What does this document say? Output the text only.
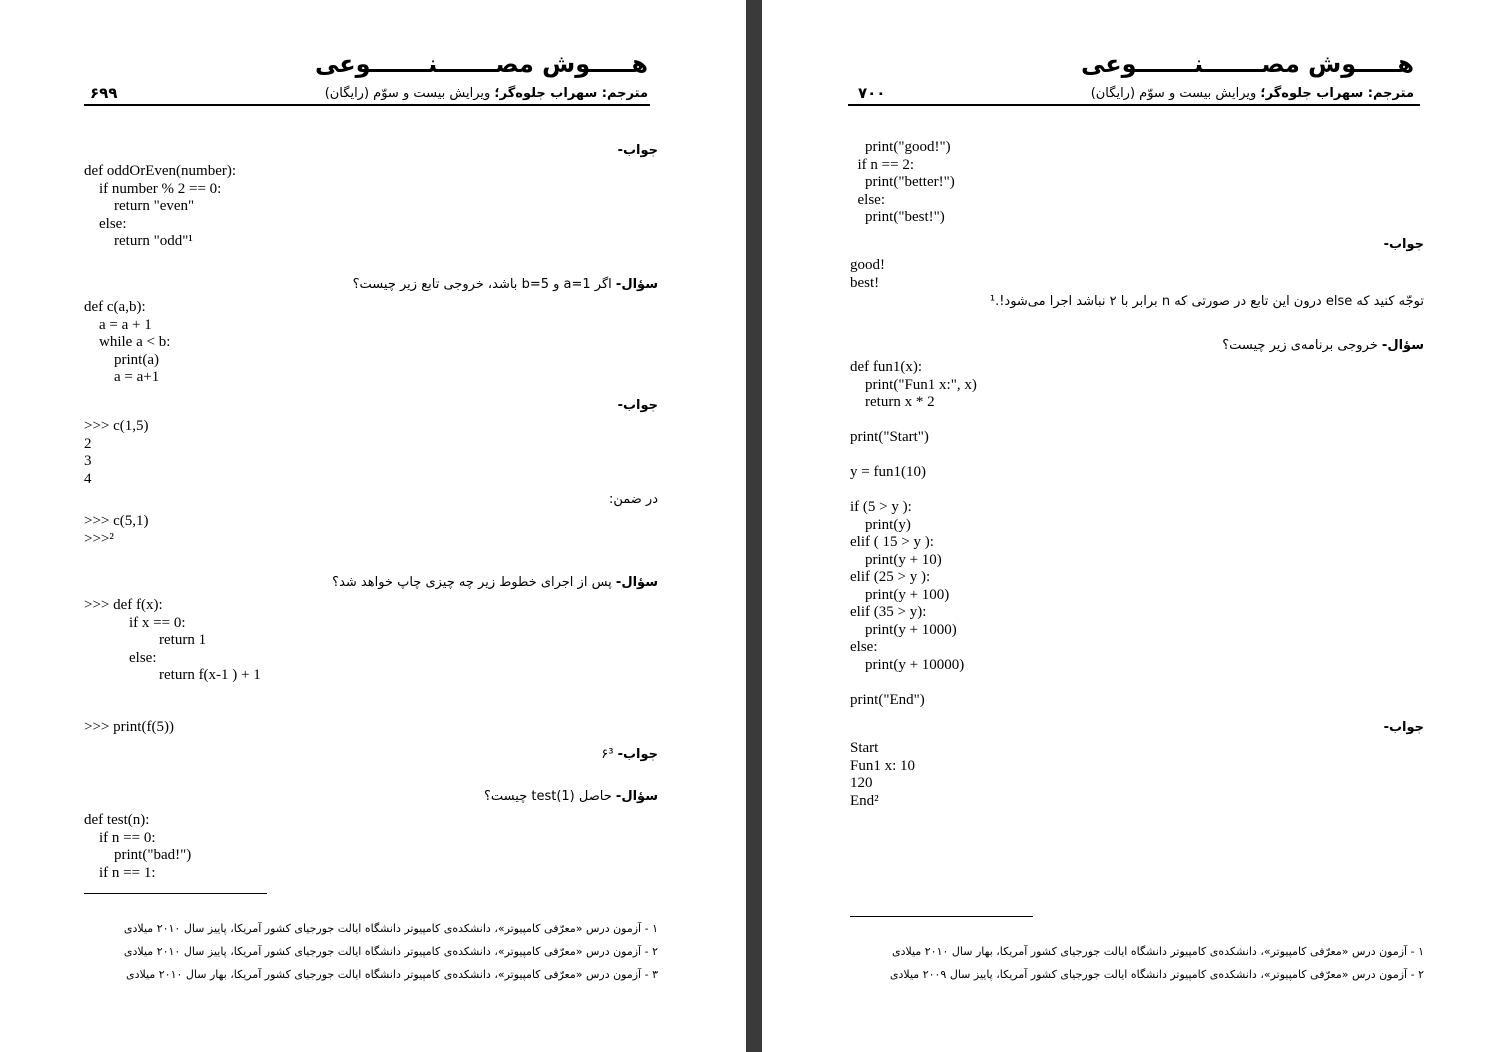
هـــــوش مصـــــــنـــــــوعی
مترجم: سهراب جلوه‌گر؛ ویرایش بیست و سوّم (رایگان)
۶۹۹
جواب-
def oddOrEven(number):
if number % 2 == 0:
return "even"
else:
return "odd"¹
سؤال- اگر a=1 و b=5 باشد، خروجی تابع زیر چیست؟
def c(a,b):
a = a + 1
while a < b:
print(a)
a = a+1
جواب-
>>> c(1,5)
2
3
4
در ضمن:
>>> c(5,1)
>>>²
سؤال- پس از اجرای خطوط زیر چه چیزی چاپ خواهد شد؟
>>> def f(x):
if x == 0:
return 1
else:
return f(x-1 ) + 1
>>> print(f(5))
جواب- ۶³
سؤال- حاصل test(1) چیست؟
def test(n):
if n == 0:
print("bad!")
if n == 1:
۱ - آزمون درس «معرّفی کامپیوتر»، دانشکده‌ی کامپیوتر دانشگاه ایالت جورجیای کشور آمریکا، پاییز سال ۲۰۱۰ میلادی
۲ - آزمون درس «معرّفی کامپیوتر»، دانشکده‌ی کامپیوتر دانشگاه ایالت جورجیای کشور آمریکا، پاییز سال ۲۰۱۰ میلادی
۳ - آزمون درس «معرّفی کامپیوتر»، دانشکده‌ی کامپیوتر دانشگاه ایالت جورجیای کشور آمریکا، بهار سال ۲۰۱۰ میلادی
هـــــوش مصـــــــنـــــــوعی
مترجم: سهراب جلوه‌گر؛ ویرایش بیست و سوّم (رایگان)
۷۰۰
print("good!")
if n == 2:
print("better!")
else:
print("best!")
جواب-
good!
best!
توجّه کنید که else درون این تابع در صورتی که n برابر با ۲ نباشد اجرا می‌شود!.¹
سؤال- خروجی برنامه‌ی زیر چیست؟
def fun1(x):
print("Fun1 x:", x)
return x * 2

print("Start")

y = fun1(10)

if (5 > y ):
print(y)
elif ( 15 > y ):
print(y + 10)
elif (25 > y ):
print(y + 100)
elif (35 > y):
print(y + 1000)
else:
print(y + 10000)

print("End")
جواب-
Start
Fun1 x: 10
120
End²
۱ - آزمون درس «معرّفی کامپیوتر»، دانشکده‌ی کامپیوتر دانشگاه ایالت جورجیای کشور آمریکا، بهار سال ۲۰۱۰ میلادی
۲ - آزمون درس «معرّفی کامپیوتر»، دانشکده‌ی کامپیوتر دانشگاه ایالت جورجیای کشور آمریکا، پاییز سال ۲۰۰۹ میلادی
